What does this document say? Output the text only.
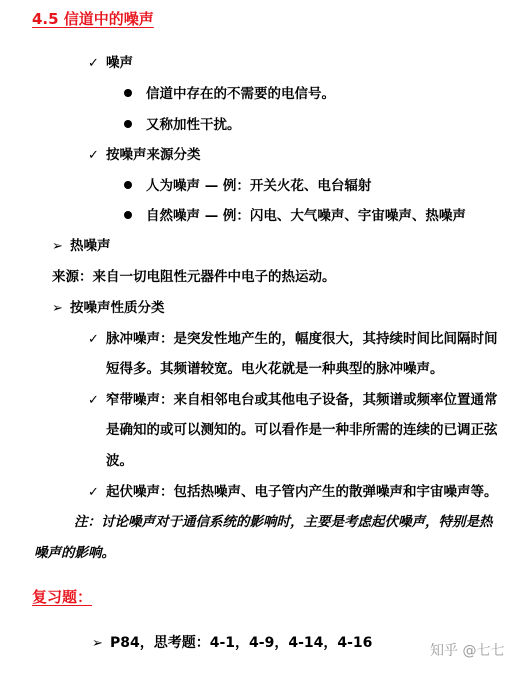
4.5 信道中的噪声
✓ 噪声
信道中存在的不需要的电信号。
又称加性干扰。
✓ 按噪声来源分类
人为噪声 — 例：开关火花、电台辐射
自然噪声 — 例：闪电、大气噪声、宇宙噪声、热噪声
➢ 热噪声
来源：来自一切电阻性元器件中电子的热运动。
➢ 按噪声性质分类
✓ 脉冲噪声：是突发性地产生的，幅度很大，其持续时间比间隔时间
短得多。其频谱较宽。电火花就是一种典型的脉冲噪声。
✓ 窄带噪声：来自相邻电台或其他电子设备，其频谱或频率位置通常
是确知的或可以测知的。可以看作是一种非所需的连续的已调正弦
波。
✓ 起伏噪声：包括热噪声、电子管内产生的散弹噪声和宇宙噪声等。
注：讨论噪声对于通信系统的影响时，主要是考虑起伏噪声，特别是热
噪声的影响。
复习题：
➢ P84，思考题：4-1，4-9，4-14，4-16	知乎 @七七
